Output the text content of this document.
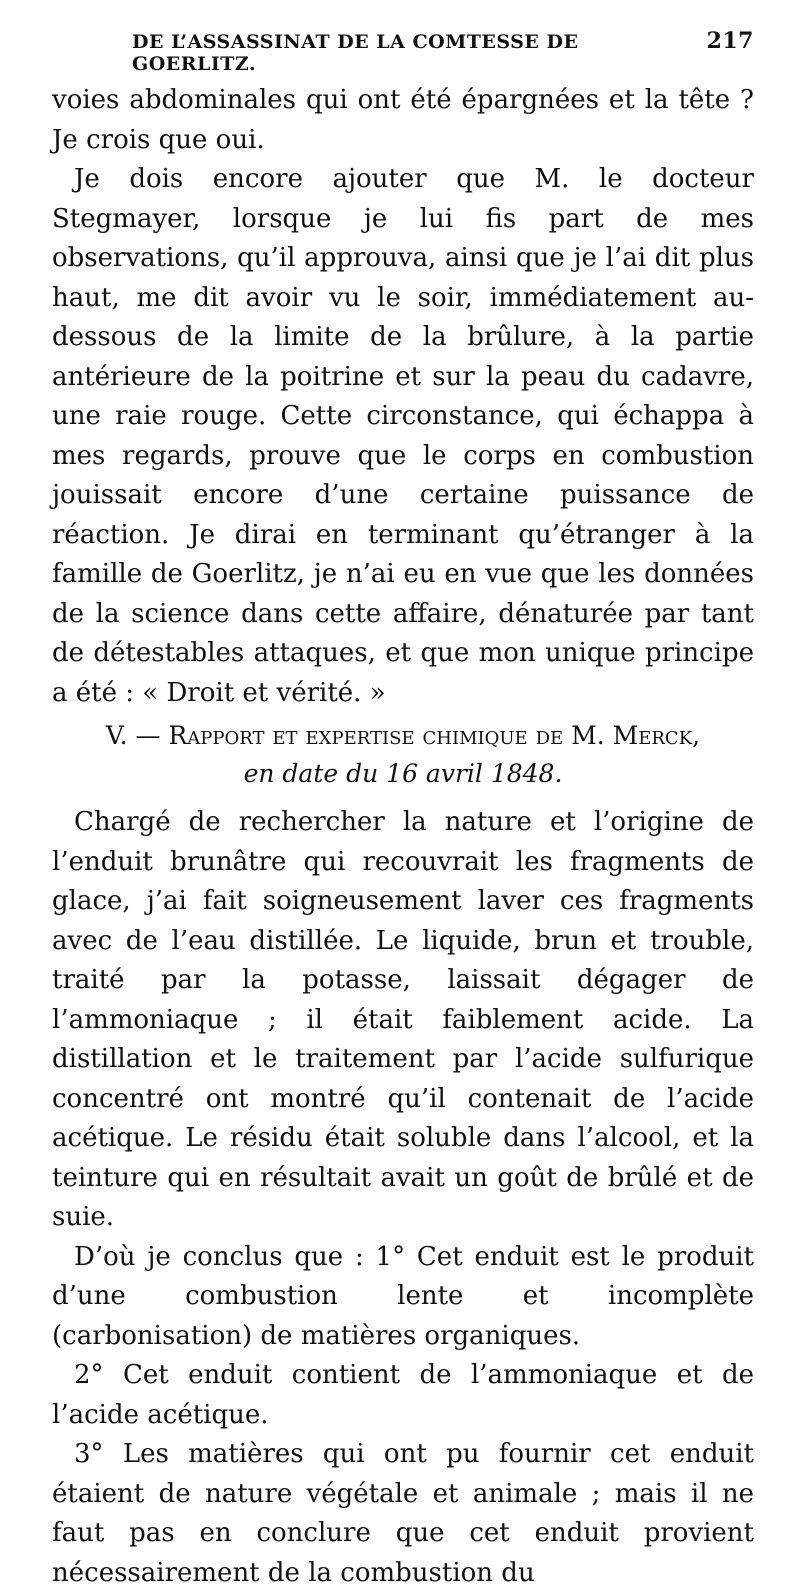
DE L’ASSASSINAT DE LA COMTESSE DE GOERLITZ.
217

voies abdominales qui ont été épargnées et la tête ? Je crois que oui.

Je dois encore ajouter que M. le docteur Stegmayer, lorsque je lui fis part de mes observations, qu’il approuva, ainsi que je l’ai dit plus haut, me dit avoir vu le soir, immédiatement au-dessous de la limite de la brûlure, à la partie antérieure de la poitrine et sur la peau du cadavre, une raie rouge. Cette circonstance, qui échappa à mes regards, prouve que le corps en combustion jouissait encore d’une certaine puissance de réaction. Je dirai en terminant qu’étranger à la famille de Goerlitz, je n’ai eu en vue que les données de la science dans cette affaire, dénaturée par tant de détestables attaques, et que mon unique principe a été : « Droit et vérité. »

V. — Rapport et expertise chimique de M. Merck,
en date du 16 avril 1848.

Chargé de rechercher la nature et l’origine de l’enduit brunâtre qui recouvrait les fragments de glace, j’ai fait soigneusement laver ces fragments avec de l’eau distillée. Le liquide, brun et trouble, traité par la potasse, laissait dégager de l’ammoniaque ; il était faiblement acide. La distillation et le traitement par l’acide sulfurique concentré ont montré qu’il contenait de l’acide acétique. Le résidu était soluble dans l’alcool, et la teinture qui en résultait avait un goût de brûlé et de suie.

D’où je conclus que : 1° Cet enduit est le produit d’une combustion lente et incomplète (carbonisation) de matières organiques.

2° Cet enduit contient de l’ammoniaque et de l’acide acétique.

3° Les matières qui ont pu fournir cet enduit étaient de nature végétale et animale ; mais il ne faut pas en conclure que cet enduit provient nécessairement de la combustion du
